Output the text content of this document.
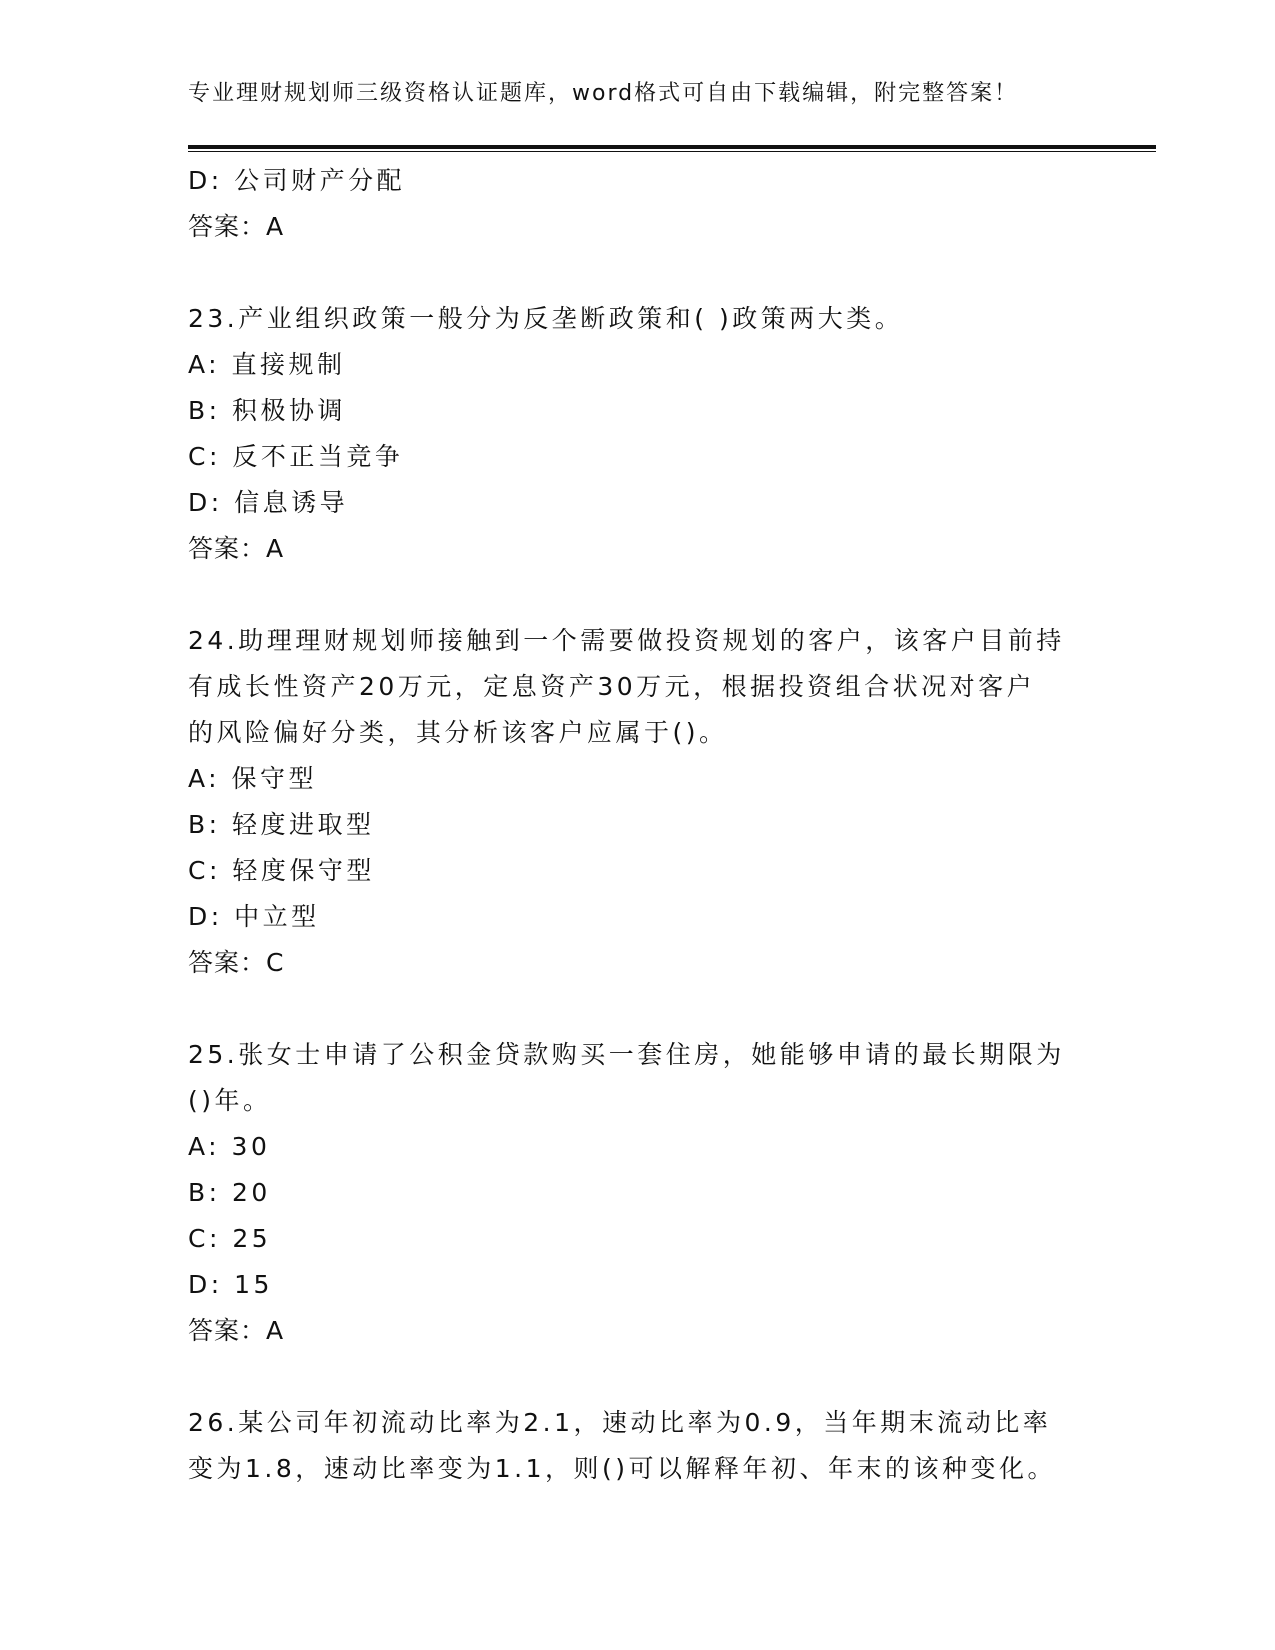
专业理财规划师三级资格认证题库，word格式可自由下载编辑，附完整答案！
D: 公司财产分配
答案：A
23.产业组织政策一般分为反垄断政策和( )政策两大类。
A: 直接规制
B: 积极协调
C: 反不正当竞争
D: 信息诱导
答案：A
24.助理理财规划师接触到一个需要做投资规划的客户，该客户目前持
有成长性资产20万元，定息资产30万元，根据投资组合状况对客户
的风险偏好分类，其分析该客户应属于()。
A: 保守型
B: 轻度进取型
C: 轻度保守型
D: 中立型
答案：C
25.张女士申请了公积金贷款购买一套住房，她能够申请的最长期限为
()年。
A: 30
B: 20
C: 25
D: 15
答案：A
26.某公司年初流动比率为2.1，速动比率为0.9，当年期末流动比率
变为1.8，速动比率变为1.1，则()可以解释年初、年末的该种变化。
